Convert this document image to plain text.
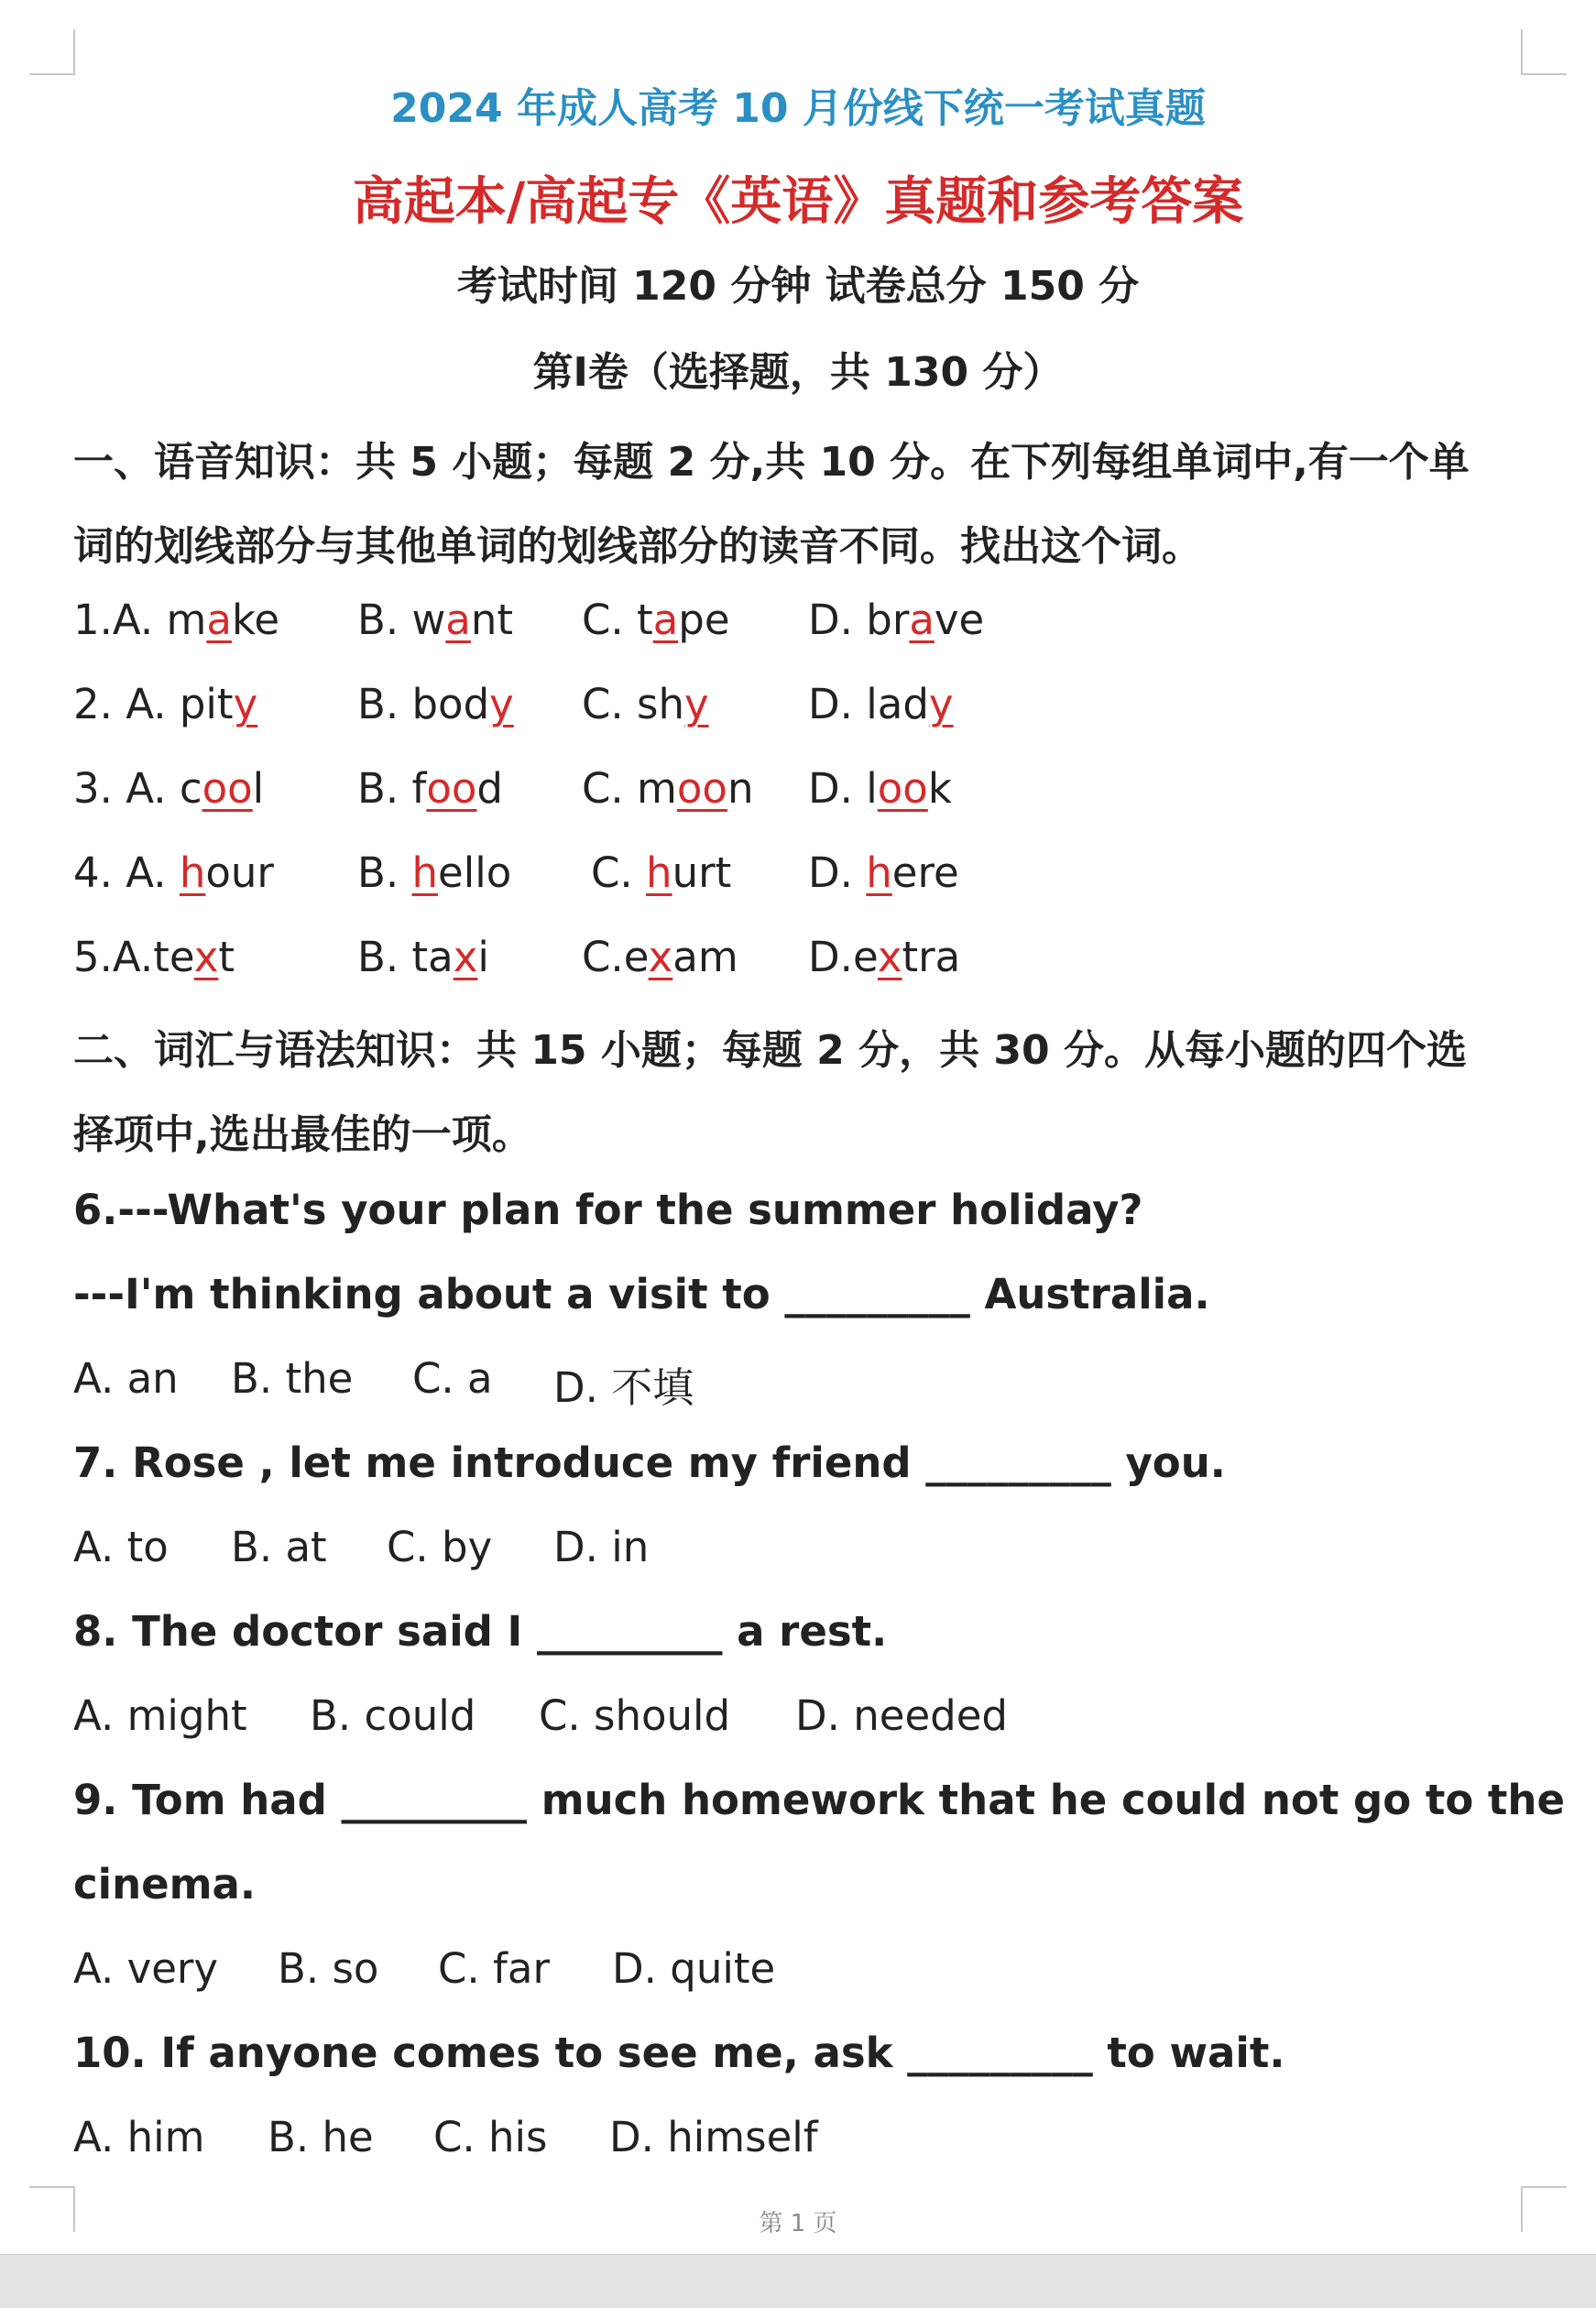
2024 年成人高考 10 月份线下统一考试真题
高起本/高起专《英语》真题和参考答案
考试时间 120 分钟 试卷总分 150 分
第Ⅰ卷（选择题，共 130 分）
一、语音知识：共 5 小题；每题 2 分,共 10 分。在下列每组单词中,有一个单
词的划线部分与其他单词的划线部分的读音不同。找出这个词。
1.A. make B. want C. tape D. brave
2. A. pity B. body C. shy D. lady
3. A. cool B. food C. moon D. look
4. A. hour B. hello C. hurt D. here
5.A.text	B. taxi C.exam D.extra
二、词汇与语法知识：共 15 小题；每题 2 分，共 30 分。从每小题的四个选
择项中,选出最佳的一项。
6.---What's your plan for the summer holiday?
---I'm thinking about a visit to _________ Australia.
A. an B. the C. a D. 不填
7. Rose , let me introduce my friend _________ you.
A. to B. at C. by D. in
8. The doctor said I _________ a rest.
A. might B. could C. should D. needed
9. Tom had _________ much homework that he could not go to the
cinema.
A. very B. so C. far D. quite
10. If anyone comes to see me, ask _________ to wait.
A. him B. he C. his D. himself
第 1 页
